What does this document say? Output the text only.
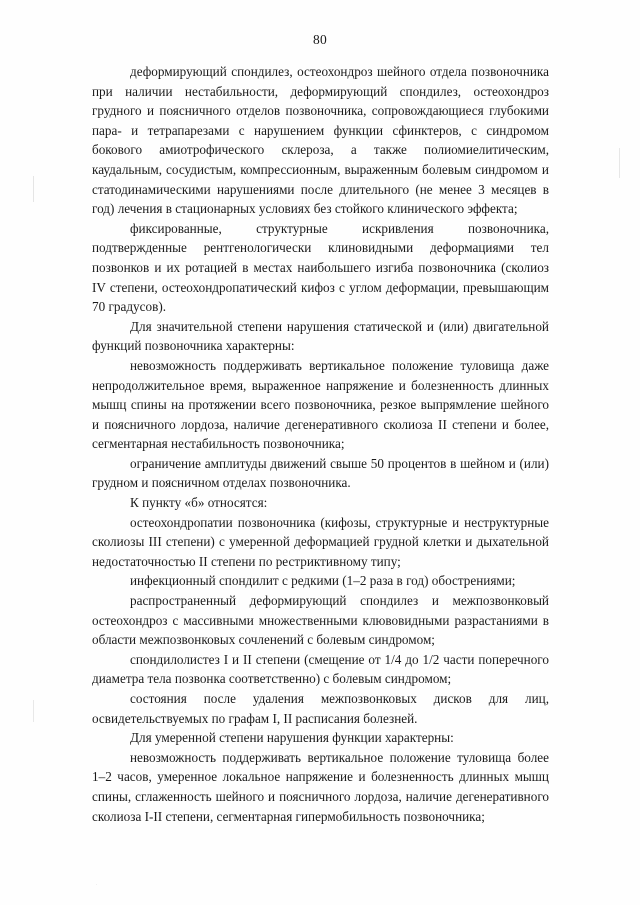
80

деформирующий спондилез, остеохондроз шейного отдела позвоночника при наличии нестабильности, деформирующий спондилез, остеохондроз грудного и поясничного отделов позвоночника, сопровождающиеся глубокими пара- и тетрапарезами с нарушением функции сфинктеров, с синдромом бокового амиотрофического склероза, а также полиомиелитическим, каудальным, сосудистым, компрессионным, выраженным болевым синдромом и статодинамическими нарушениями после длительного (не менее 3 месяцев в год) лечения в стационарных условиях без стойкого клинического эффекта;

фиксированные, структурные искривления позвоночника, подтвержденные рентгенологически клиновидными деформациями тел позвонков и их ротацией в местах наибольшего изгиба позвоночника (сколиоз IV степени, остеохондропатический кифоз с углом деформации, превышающим 70 градусов).

Для значительной степени нарушения статической и (или) двигательной функций позвоночника характерны:

невозможность поддерживать вертикальное положение туловища даже непродолжительное время, выраженное напряжение и болезненность длинных мышц спины на протяжении всего позвоночника, резкое выпрямление шейного и поясничного лордоза, наличие дегенеративного сколиоза II степени и более, сегментарная нестабильность позвоночника;

ограничение амплитуды движений свыше 50 процентов в шейном и (или) грудном и поясничном отделах позвоночника.

К пункту «б» относятся:

остеохондропатии позвоночника (кифозы, структурные и неструктурные сколиозы III степени) с умеренной деформацией грудной клетки и дыхательной недостаточностью II степени по рестриктивному типу;

инфекционный спондилит с редкими (1–2 раза в год) обострениями;

распространенный деформирующий спондилез и межпозвонковый остеохондроз с массивными множественными клювовидными разрастаниями в области межпозвонковых сочленений с болевым синдромом;

спондилолистез I и II степени (смещение от 1/4 до 1/2 части поперечного диаметра тела позвонка соответственно) с болевым синдромом;

состояния после удаления межпозвонковых дисков для лиц, освидетельствуемых по графам I, II расписания болезней.

Для умеренной степени нарушения функции характерны:

невозможность поддерживать вертикальное положение туловища более 1–2 часов, умеренное локальное напряжение и болезненность длинных мышц спины, сглаженность шейного и поясничного лордоза, наличие дегенеративного сколиоза I-II степени, сегментарная гипермобильность позвоночника;
